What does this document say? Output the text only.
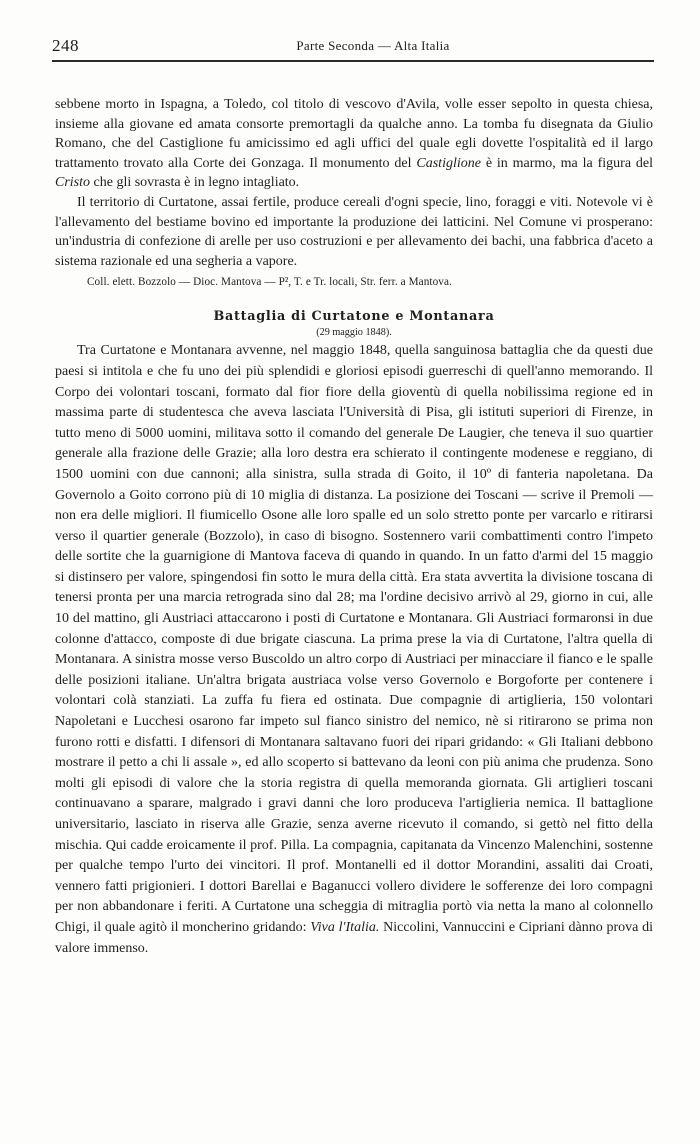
248	Parte Seconda — Alta Italia

sebbene morto in Ispagna, a Toledo, col titolo di vescovo d'Avila, volle esser sepolto in questa chiesa, insieme alla giovane ed amata consorte premortagli da qualche anno. La tomba fu disegnata da Giulio Romano, che del Castiglione fu amicissimo ed agli uffici del quale egli dovette l'ospitalità ed il largo trattamento trovato alla Corte dei Gonzaga. Il monumento del Castiglione è in marmo, ma la figura del Cristo che gli sovrasta è in legno intagliato.

Il territorio di Curtatone, assai fertile, produce cereali d'ogni specie, lino, foraggi e viti. Notevole vi è l'allevamento del bestiame bovino ed importante la produzione dei latticini. Nel Comune vi prosperano: un'industria di confezione di arelle per uso costruzioni e per allevamento dei bachi, una fabbrica d'aceto a sistema razionale ed una segheria a vapore.

Coll. elett. Bozzolo — Dioc. Mantova — P², T. e Tr. locali, Str. ferr. a Mantova.
Battaglia di Curtatone e Montanara
(29 maggio 1848).

Tra Curtatone e Montanara avvenne, nel maggio 1848, quella sanguinosa battaglia che da questi due paesi si intitola e che fu uno dei più splendidi e gloriosi episodi guerreschi di quell'anno memorando. Il Corpo dei volontari toscani, formato dal fior fiore della gioventù di quella nobilissima regione ed in massima parte di studentesca che aveva lasciata l'Università di Pisa, gli istituti superiori di Firenze, in tutto meno di 5000 uomini, militava sotto il comando del generale De Laugier, che teneva il suo quartier generale alla frazione delle Grazie; alla loro destra era schierato il contingente modenese e reggiano, di 1500 uomini con due cannoni; alla sinistra, sulla strada di Goito, il 10º di fanteria napoletana. Da Governolo a Goito corrono più di 10 miglia di distanza. La posizione dei Toscani — scrive il Premoli — non era delle migliori. Il fiumicello Osone alle loro spalle ed un solo stretto ponte per varcarlo e ritirarsi verso il quartier generale (Bozzolo), in caso di bisogno. Sostennero varii combattimenti contro l'impeto delle sortite che la guarnigione di Mantova faceva di quando in quando. In un fatto d'armi del 15 maggio si distinsero per valore, spingendosi fin sotto le mura della città. Era stata avvertita la divisione toscana di tenersi pronta per una marcia retrograda sino dal 28; ma l'ordine decisivo arrivò al 29, giorno in cui, alle 10 del mattino, gli Austriaci attaccarono i posti di Curtatone e Montanara. Gli Austriaci formaronsi in due colonne d'attacco, composte di due brigate ciascuna. La prima prese la via di Curtatone, l'altra quella di Montanara. A sinistra mosse verso Buscoldo un altro corpo di Austriaci per minacciare il fianco e le spalle delle posizioni italiane. Un'altra brigata austriaca volse verso Governolo e Borgoforte per contenere i volontari colà stanziati. La zuffa fu fiera ed ostinata. Due compagnie di artiglieria, 150 volontari Napoletani e Lucchesi osarono far impeto sul fianco sinistro del nemico, nè si ritirarono se prima non furono rotti e disfatti. I difensori di Montanara saltavano fuori dei ripari gridando: « Gli Italiani debbono mostrare il petto a chi li assale », ed allo scoperto si battevano da leoni con più anima che prudenza. Sono molti gli episodi di valore che la storia registra di quella memoranda giornata. Gli artiglieri toscani continuavano a sparare, malgrado i gravi danni che loro produceva l'artiglieria nemica. Il battaglione universitario, lasciato in riserva alle Grazie, senza averne ricevuto il comando, si gettò nel fitto della mischia. Qui cadde eroicamente il prof. Pilla. La compagnia, capitanata da Vincenzo Malenchini, sostenne per qualche tempo l'urto dei vincitori. Il prof. Montanelli ed il dottor Morandini, assaliti dai Croati, vennero fatti prigionieri. I dottori Barellai e Baganucci vollero dividere le sofferenze dei loro compagni per non abbandonare i feriti. A Curtatone una scheggia di mitraglia portò via netta la mano al colonnello Chigi, il quale agitò il moncherino gridando: Viva l'Italia. Niccolini, Vannuccini e Cipriani dànno prova di valore immenso.
